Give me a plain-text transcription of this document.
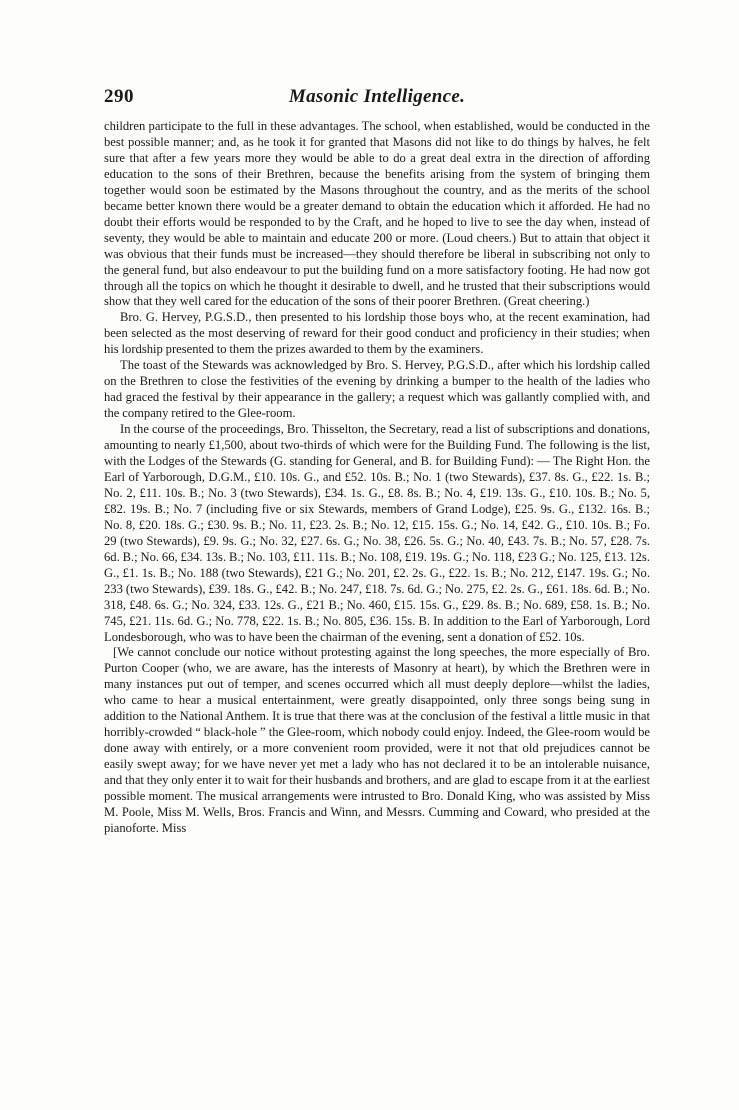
290	Masonic Intelligence.

children participate to the full in these advantages. The school, when established, would be conducted in the best possible manner; and, as he took it for granted that Masons did not like to do things by halves, he felt sure that after a few years more they would be able to do a great deal extra in the direction of affording education to the sons of their Brethren, because the benefits arising from the system of bringing them together would soon be estimated by the Masons throughout the country, and as the merits of the school became better known there would be a greater demand to obtain the education which it afforded. He had no doubt their efforts would be responded to by the Craft, and he hoped to live to see the day when, instead of seventy, they would be able to maintain and educate 200 or more. (Loud cheers.) But to attain that object it was obvious that their funds must be increased—they should therefore be liberal in subscribing not only to the general fund, but also endeavour to put the building fund on a more satisfactory footing. He had now got through all the topics on which he thought it desirable to dwell, and he trusted that their subscriptions would show that they well cared for the education of the sons of their poorer Brethren. (Great cheering.)

Bro. G. Hervey, P.G.S.D., then presented to his lordship those boys who, at the recent examination, had been selected as the most deserving of reward for their good conduct and proficiency in their studies; when his lordship presented to them the prizes awarded to them by the examiners.

The toast of the Stewards was acknowledged by Bro. S. Hervey, P.G.S.D., after which his lordship called on the Brethren to close the festivities of the evening by drinking a bumper to the health of the ladies who had graced the festival by their appearance in the gallery; a request which was gallantly complied with, and the company retired to the Glee-room.

In the course of the proceedings, Bro. Thisselton, the Secretary, read a list of subscriptions and donations, amounting to nearly £1,500, about two-thirds of which were for the Building Fund. The following is the list, with the Lodges of the Stewards (G. standing for General, and B. for Building Fund): — The Right Hon. the Earl of Yarborough, D.G.M., £10. 10s. G., and £52. 10s. B.; No. 1 (two Stewards), £37. 8s. G., £22. 1s. B.; No. 2, £11. 10s. B.; No. 3 (two Stewards), £34. 1s. G., £8. 8s. B.; No. 4, £19. 13s. G., £10. 10s. B.; No. 5, £82. 19s. B.; No. 7 (including five or six Stewards, members of Grand Lodge), £25. 9s. G., £132. 16s. B.; No. 8, £20. 18s. G.; £30. 9s. B.; No. 11, £23. 2s. B.; No. 12, £15. 15s. G.; No. 14, £42. G., £10. 10s. B.; Fo. 29 (two Stewards), £9. 9s. G.; No. 32, £27. 6s. G.; No. 38, £26. 5s. G.; No. 40, £43. 7s. B.; No. 57, £28. 7s. 6d. B.; No. 66, £34. 13s. B.; No. 103, £11. 11s. B.; No. 108, £19. 19s. G.; No. 118, £23 G.; No. 125, £13. 12s. G., £1. 1s. B.; No. 188 (two Stewards), £21 G.; No. 201, £2. 2s. G., £22. 1s. B.; No. 212, £147. 19s. G.; No. 233 (two Stewards), £39. 18s. G., £42. B.; No. 247, £18. 7s. 6d. G.; No. 275, £2. 2s. G., £61. 18s. 6d. B.; No. 318, £48. 6s. G.; No. 324, £33. 12s. G., £21 B.; No. 460, £15. 15s. G., £29. 8s. B.; No. 689, £58. 1s. B.; No. 745, £21. 11s. 6d. G.; No. 778, £22. 1s. B.; No. 805, £36. 15s. B. In addition to the Earl of Yarborough, Lord Londesborough, who was to have been the chairman of the evening, sent a donation of £52. 10s.

[We cannot conclude our notice without protesting against the long speeches, the more especially of Bro. Purton Cooper (who, we are aware, has the interests of Masonry at heart), by which the Brethren were in many instances put out of temper, and scenes occurred which all must deeply deplore—whilst the ladies, who came to hear a musical entertainment, were greatly disappointed, only three songs being sung in addition to the National Anthem. It is true that there was at the conclusion of the festival a little music in that horribly-crowded “ black-hole ” the Glee-room, which nobody could enjoy. Indeed, the Glee-room would be done away with entirely, or a more convenient room provided, were it not that old prejudices cannot be easily swept away; for we have never yet met a lady who has not declared it to be an intolerable nuisance, and that they only enter it to wait for their husbands and brothers, and are glad to escape from it at the earliest possible moment. The musical arrangements were intrusted to Bro. Donald King, who was assisted by Miss M. Poole, Miss M. Wells, Bros. Francis and Winn, and Messrs. Cumming and Coward, who presided at the pianoforte. Miss
